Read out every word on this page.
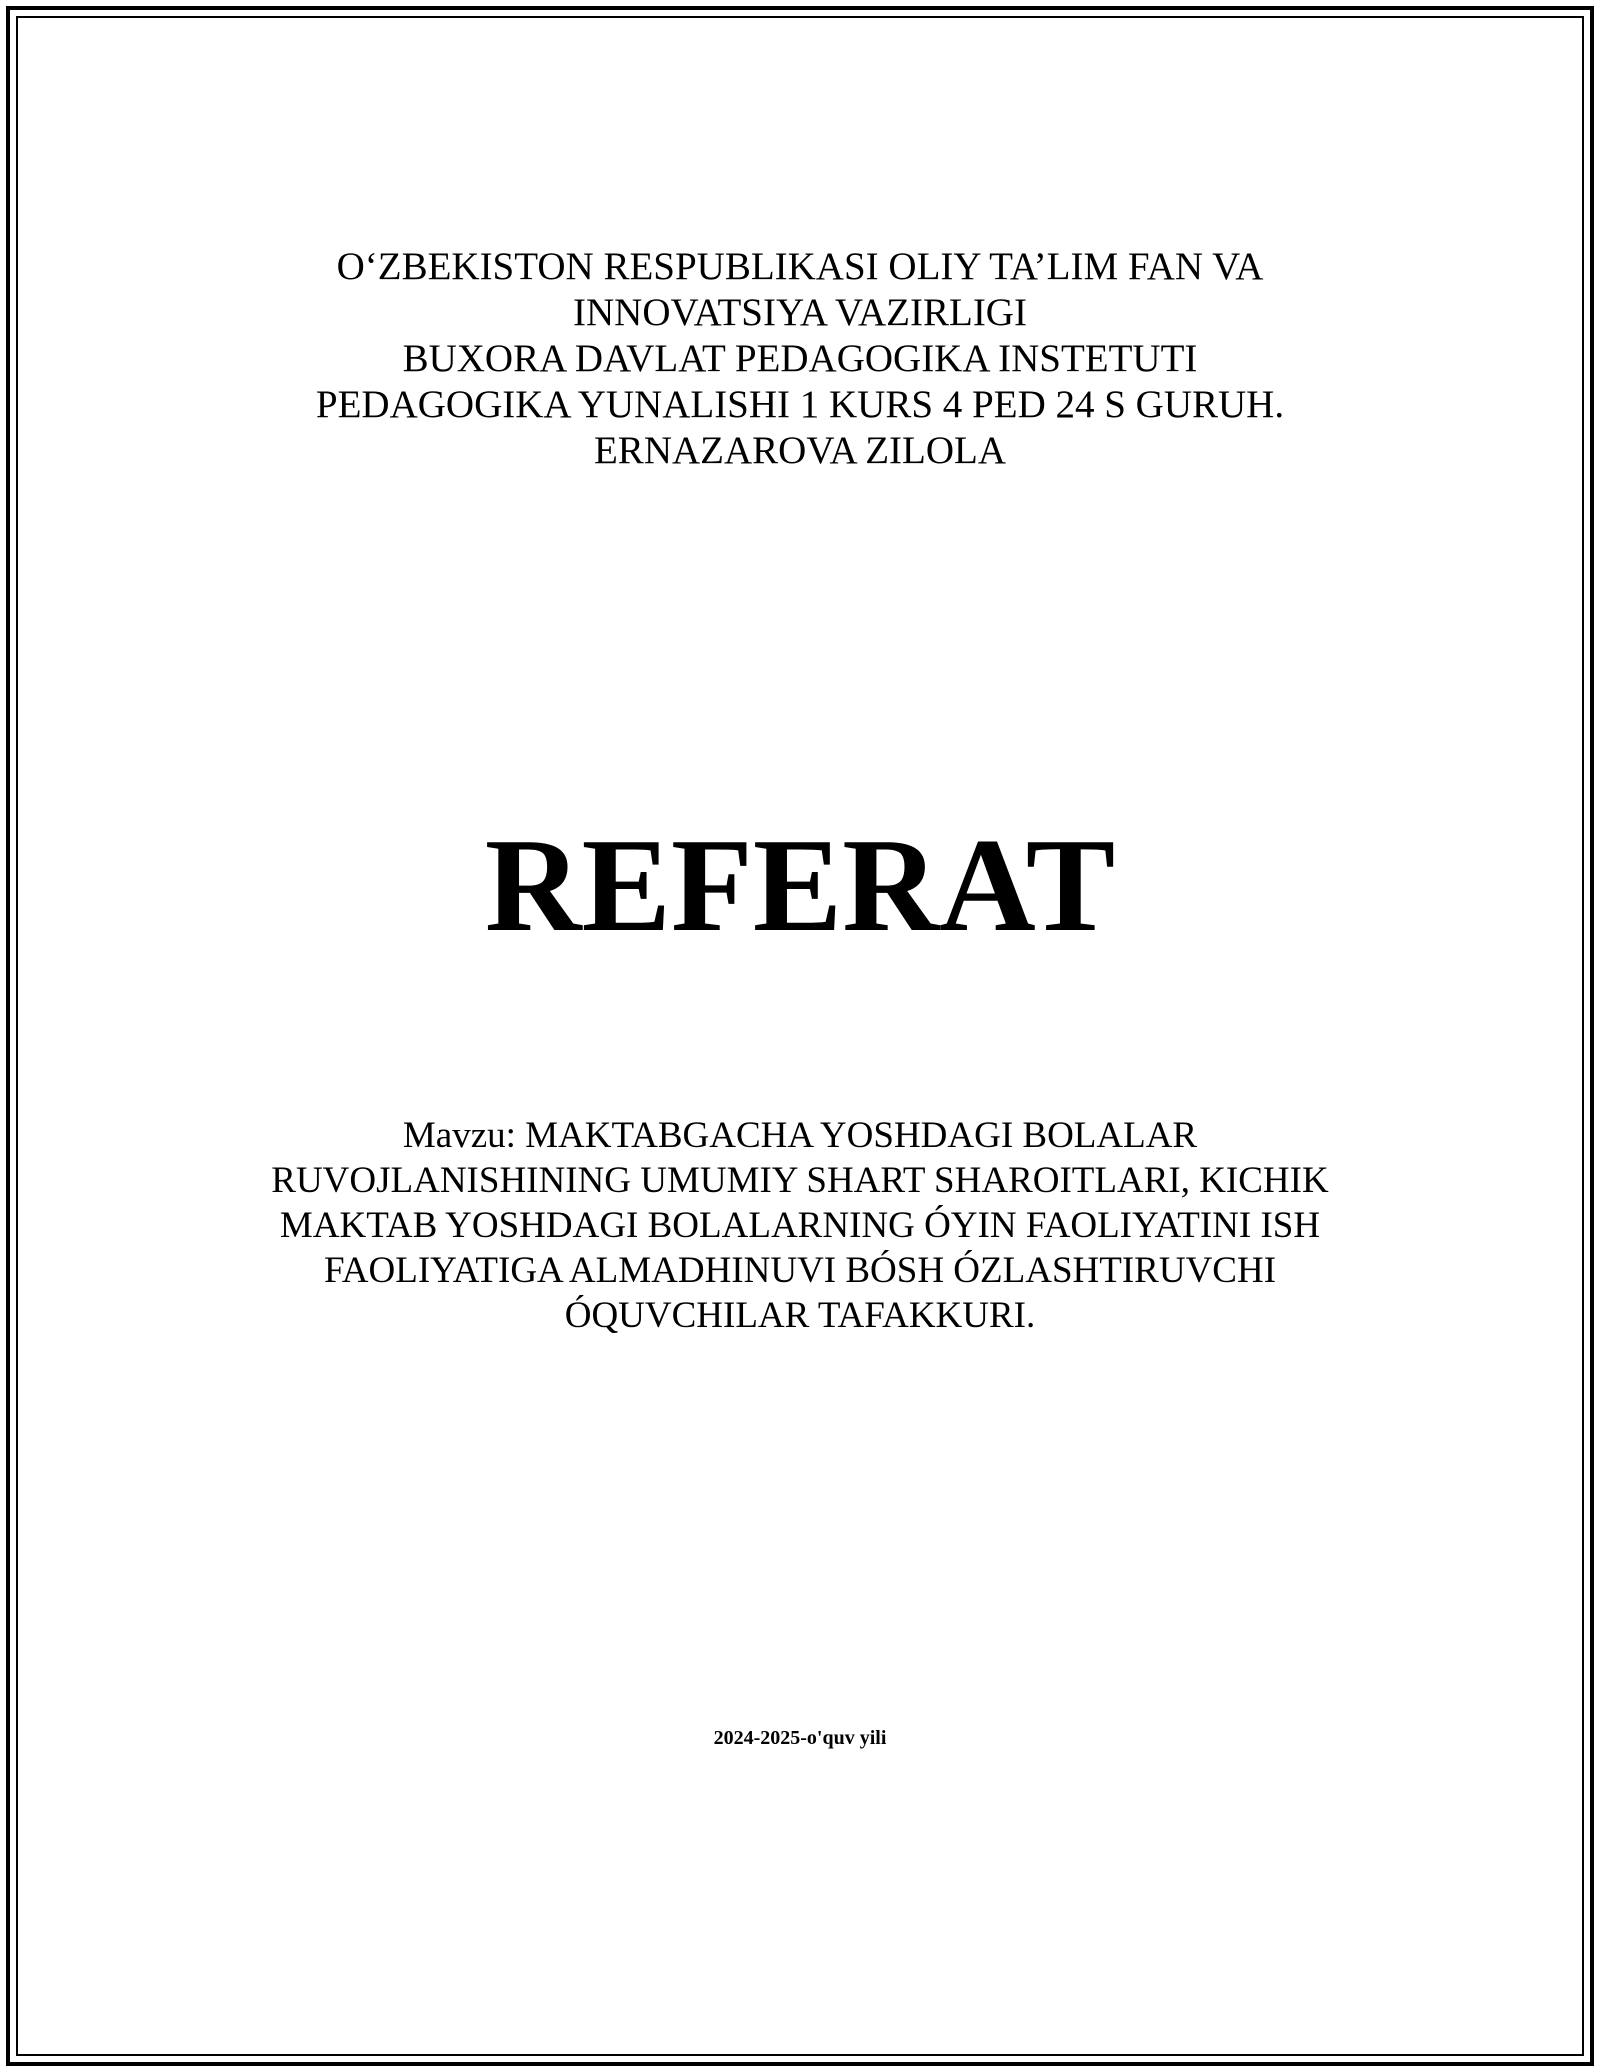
O‘ZBEKISTON RESPUBLIKASI OLIY TA’LIM FAN VA
INNOVATSIYA VAZIRLIGI
BUXORA DAVLAT PEDAGOGIKA INSTETUTI
PEDAGOGIKA YUNALISHI 1 KURS 4 PED 24 S GURUH.
ERNAZAROVA ZILOLA
REFERAT
Mavzu: MAKTABGACHA YOSHDAGI BOLALAR
RUVOJLANISHINING UMUMIY SHART SHAROITLARI, KICHIK
MAKTAB YOSHDAGI BOLALARNING ÓYIN FAOLIYATINI ISH
FAOLIYATIGA ALMADHINUVI BÓSH ÓZLASHTIRUVCHI
ÓQUVCHILAR TAFAKKURI.
2024-2025-o'quv yili
